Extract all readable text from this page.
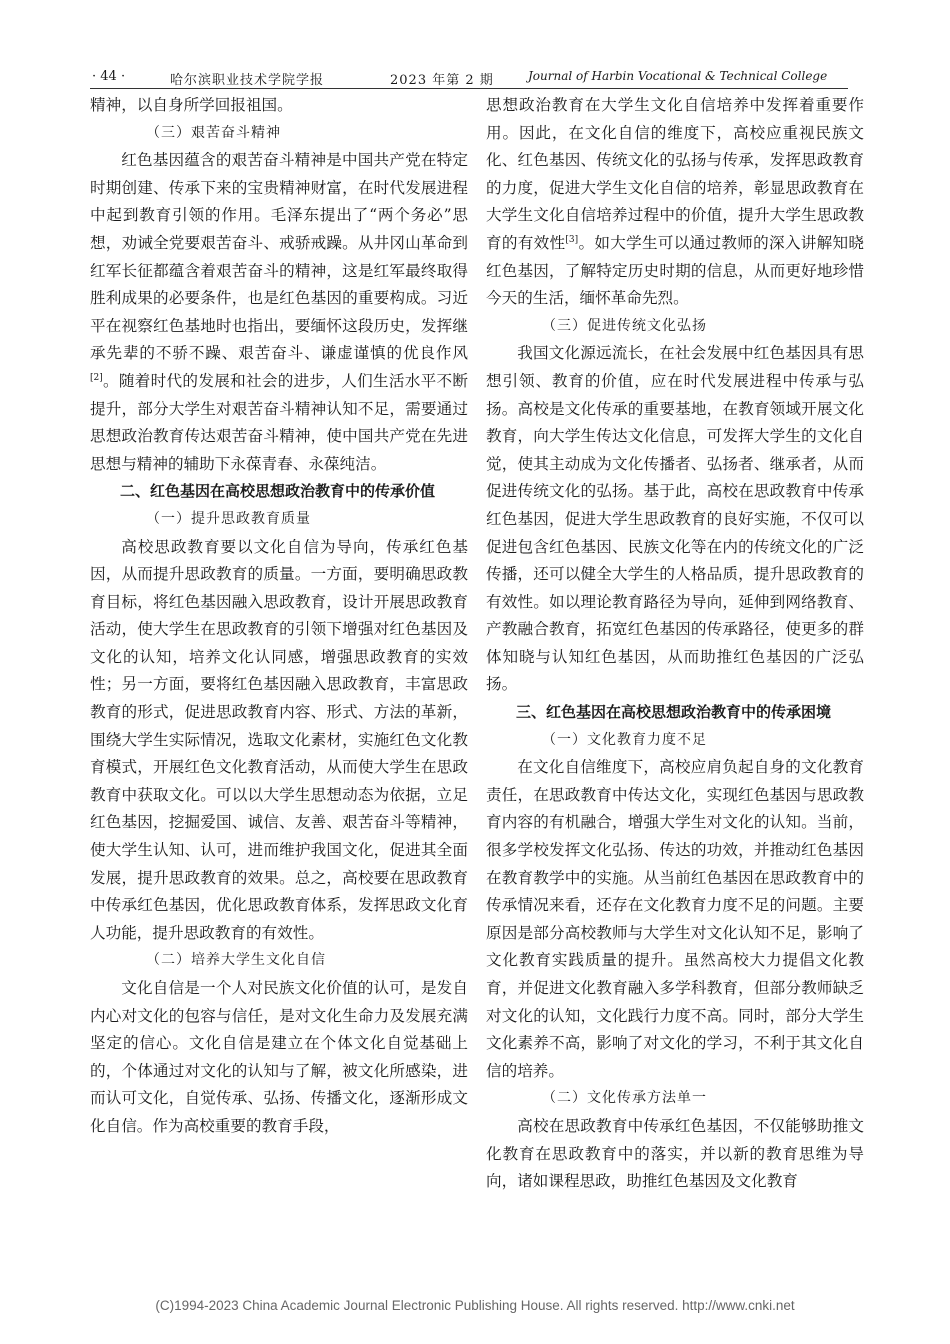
· 44 ·	哈尔滨职业技术学院学报	2023 年第 2 期	Journal of Harbin Vocational & Technical College

精神，以自身所学回报祖国。

（三）艰苦奋斗精神

红色基因蕴含的艰苦奋斗精神是中国共产党在特定时期创建、传承下来的宝贵精神财富，在时代发展进程中起到教育引领的作用。毛泽东提出了“两个务必”思想，劝诫全党要艰苦奋斗、戒骄戒躁。从井冈山革命到红军长征都蕴含着艰苦奋斗的精神，这是红军最终取得胜利成果的必要条件，也是红色基因的重要构成。习近平在视察红色基地时也指出，要缅怀这段历史，发挥继承先辈的不骄不躁、艰苦奋斗、谦虚谨慎的优良作风[2]。随着时代的发展和社会的进步，人们生活水平不断提升，部分大学生对艰苦奋斗精神认知不足，需要通过思想政治教育传达艰苦奋斗精神，使中国共产党在先进思想与精神的辅助下永葆青春、永葆纯洁。

二、红色基因在高校思想政治教育中的传承价值

（一）提升思政教育质量

高校思政教育要以文化自信为导向，传承红色基因，从而提升思政教育的质量。一方面，要明确思政教育目标，将红色基因融入思政教育，设计开展思政教育活动，使大学生在思政教育的引领下增强对红色基因及文化的认知，培养文化认同感，增强思政教育的实效性；另一方面，要将红色基因融入思政教育，丰富思政教育的形式，促进思政教育内容、形式、方法的革新，围绕大学生实际情况，选取文化素材，实施红色文化教育模式，开展红色文化教育活动，从而使大学生在思政教育中获取文化。可以以大学生思想动态为依据，立足红色基因，挖掘爱国、诚信、友善、艰苦奋斗等精神，使大学生认知、认可，进而维护我国文化，促进其全面发展，提升思政教育的效果。总之，高校要在思政教育中传承红色基因，优化思政教育体系，发挥思政文化育人功能，提升思政教育的有效性。

（二）培养大学生文化自信

文化自信是一个人对民族文化价值的认可，是发自内心对文化的包容与信任，是对文化生命力及发展充满坚定的信心。文化自信是建立在个体文化自觉基础上的，个体通过对文化的认知与了解，被文化所感染，进而认可文化，自觉传承、弘扬、传播文化，逐渐形成文化自信。作为高校重要的教育手段，

思想政治教育在大学生文化自信培养中发挥着重要作用。因此，在文化自信的维度下，高校应重视民族文化、红色基因、传统文化的弘扬与传承，发挥思政教育的力度，促进大学生文化自信的培养，彰显思政教育在大学生文化自信培养过程中的价值，提升大学生思政教育的有效性[3]。如大学生可以通过教师的深入讲解知晓红色基因，了解特定历史时期的信息，从而更好地珍惜今天的生活，缅怀革命先烈。

（三）促进传统文化弘扬

我国文化源远流长，在社会发展中红色基因具有思想引领、教育的价值，应在时代发展进程中传承与弘扬。高校是文化传承的重要基地，在教育领域开展文化教育，向大学生传达文化信息，可发挥大学生的文化自觉，使其主动成为文化传播者、弘扬者、继承者，从而促进传统文化的弘扬。基于此，高校在思政教育中传承红色基因，促进大学生思政教育的良好实施，不仅可以促进包含红色基因、民族文化等在内的传统文化的广泛传播，还可以健全大学生的人格品质，提升思政教育的有效性。如以理论教育路径为导向，延伸到网络教育、产教融合教育，拓宽红色基因的传承路径，使更多的群体知晓与认知红色基因，从而助推红色基因的广泛弘扬。

三、红色基因在高校思想政治教育中的传承困境

（一）文化教育力度不足

在文化自信维度下，高校应肩负起自身的文化教育责任，在思政教育中传达文化，实现红色基因与思政教育内容的有机融合，增强大学生对文化的认知。当前，很多学校发挥文化弘扬、传达的功效，并推动红色基因在教育教学中的实施。从当前红色基因在思政教育中的传承情况来看，还存在文化教育力度不足的问题。主要原因是部分高校教师与大学生对文化认知不足，影响了文化教育实践质量的提升。虽然高校大力提倡文化教育，并促进文化教育融入多学科教育，但部分教师缺乏对文化的认知，文化践行力度不高。同时，部分大学生文化素养不高，影响了对文化的学习，不利于其文化自信的培养。

（二）文化传承方法单一

高校在思政教育中传承红色基因，不仅能够助推文化教育在思政教育中的落实，并以新的教育思维为导向，诸如课程思政，助推红色基因及文化教育

(C)1994-2023 China Academic Journal Electronic Publishing House. All rights reserved. http://www.cnki.net
